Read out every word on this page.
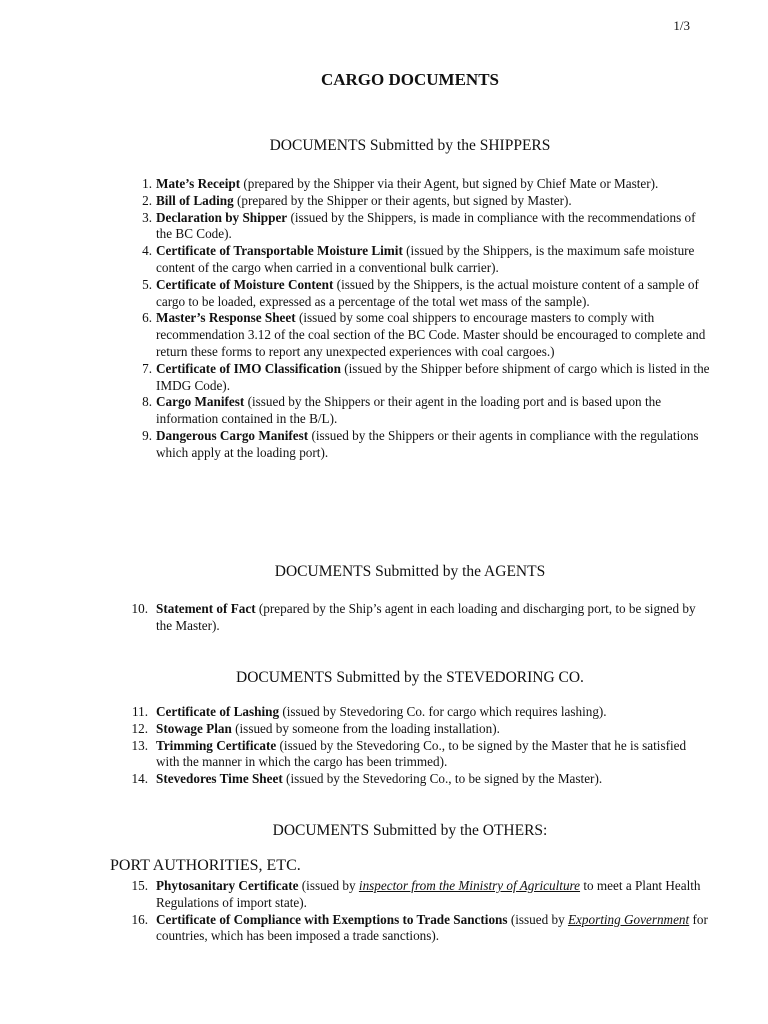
1/3
CARGO DOCUMENTS
DOCUMENTS Submitted by the SHIPPERS
1. Mate’s Receipt (prepared by the Shipper via their Agent, but signed by Chief Mate or Master).
2. Bill of Lading (prepared by the Shipper or their agents, but signed by Master).
3. Declaration by Shipper (issued by the Shippers, is made in compliance with the recommendations of the BC Code).
4. Certificate of Transportable Moisture Limit (issued by the Shippers, is the maximum safe moisture content of the cargo when carried in a conventional bulk carrier).
5. Certificate of Moisture Content (issued by the Shippers, is the actual moisture content of a sample of cargo to be loaded, expressed as a percentage of the total wet mass of the sample).
6. Master’s Response Sheet (issued by some coal shippers to encourage masters to comply with recommendation 3.12 of the coal section of the BC Code. Master should be encouraged to complete and return these forms to report any unexpected experiences with coal cargoes.)
7. Certificate of IMO Classification (issued by the Shipper before shipment of cargo which is listed in the IMDG Code).
8. Cargo Manifest (issued by the Shippers or their agent in the loading port and is based upon the information contained in the B/L).
9. Dangerous Cargo Manifest (issued by the Shippers or their agents in compliance with the regulations which apply at the loading port).
DOCUMENTS Submitted by the AGENTS
10. Statement of Fact (prepared by the Ship’s agent in each loading and discharging port, to be signed by the Master).
DOCUMENTS Submitted by the STEVEDORING CO.
11. Certificate of Lashing (issued by Stevedoring Co. for cargo which requires lashing).
12. Stowage Plan (issued by someone from the loading installation).
13. Trimming Certificate (issued by the Stevedoring Co., to be signed by the Master that he is satisfied with the manner in which the cargo has been trimmed).
14. Stevedores Time Sheet (issued by the Stevedoring Co., to be signed by the Master).
DOCUMENTS Submitted by the OTHERS:
PORT AUTHORITIES, ETC.
15. Phytosanitary Certificate (issued by inspector from the Ministry of Agriculture to meet a Plant Health Regulations of import state).
16. Certificate of Compliance with Exemptions to Trade Sanctions (issued by Exporting Government for countries, which has been imposed a trade sanctions).
